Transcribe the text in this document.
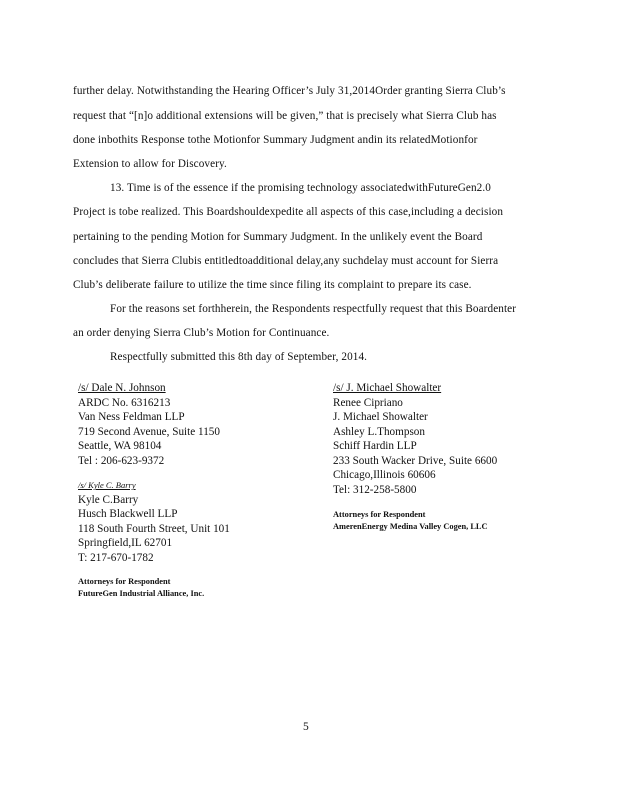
further delay. Notwithstanding the Hearing Officer’s July 31,2014Order granting Sierra Club’s
request that “[n]o additional extensions will be given,” that is precisely what Sierra Club has
done inbothits Response tothe Motionfor Summary Judgment andin its relatedMotionfor
Extension to allow for Discovery.
13. Time is of the essence if the promising technology associatedwithFutureGen2.0
Project is tobe realized. This Boardshouldexpedite all aspects of this case,including a decision
pertaining to the pending Motion for Summary Judgment. In the unlikely event the Board
concludes that Sierra Clubis entitledtoadditional delay,any suchdelay must account for Sierra
Club’s deliberate failure to utilize the time since filing its complaint to prepare its case.
For the reasons set forthherein, the Respondents respectfully request that this Boardenter
an order denying Sierra Club’s Motion for Continuance.
Respectfully submitted this 8th day of September, 2014.
/s/ Dale N. Johnson
ARDC No. 6316213
Van Ness Feldman LLP
719 Second Avenue, Suite 1150
Seattle, WA 98104
Tel : 206-623-9372
/s/ Kyle C. Barry
Kyle C.Barry
Husch Blackwell LLP
118 South Fourth Street, Unit 101
Springfield,IL 62701
T: 217-670-1782
Attorneys for Respondent
FutureGen Industrial Alliance, Inc.
/s/ J. Michael Showalter
Renee Cipriano
J. Michael Showalter
Ashley L.Thompson
Schiff Hardin LLP
233 South Wacker Drive, Suite 6600
Chicago,Illinois 60606
Tel: 312-258-5800
Attorneys for Respondent
AmerenEnergy Medina Valley Cogen, LLC
5
